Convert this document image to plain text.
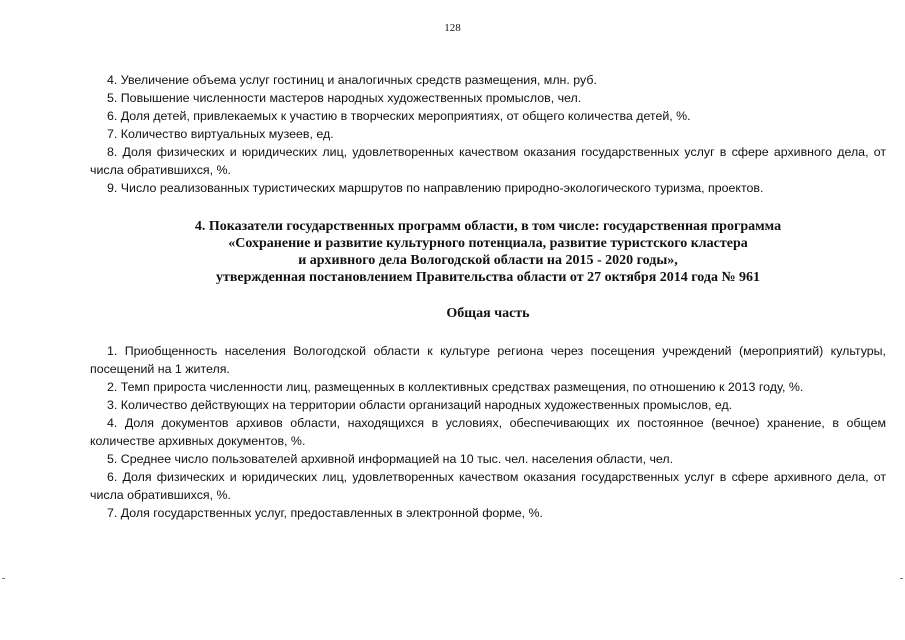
128

4. Увеличение объема услуг гостиниц и аналогичных средств размещения, млн. руб.

5. Повышение численности мастеров народных художественных промыслов, чел.

6. Доля детей, привлекаемых к участию в творческих мероприятиях, от общего количества детей, %.

7. Количество виртуальных музеев, ед.

8. Доля физических и юридических лиц, удовлетворенных качеством оказания государственных услуг в сфере архивного дела, от числа обратившихся, %.

9. Число реализованных туристических маршрутов по направлению природно-экологического туризма, проектов.

4. Показатели государственных программ области, в том числе: государственная программа
«Сохранение и развитие культурного потенциала, развитие туристского кластера
и архивного дела Вологодской области на 2015 - 2020 годы»,
утвержденная постановлением Правительства области от 27 октября 2014 года № 961
Общая часть

1. Приобщенность населения Вологодской области к культуре региона через посещения учреждений (мероприятий) культуры, посещений на 1 жителя.

2. Темп прироста численности лиц, размещенных в коллективных средствах размещения, по отношению к 2013 году, %.

3. Количество действующих на территории области организаций народных художественных промыслов, ед.

4. Доля документов архивов области, находящихся в условиях, обеспечивающих их постоянное (вечное) хранение, в общем количестве архивных документов, %.

5. Среднее число пользователей архивной информацией на 10 тыс. чел. населения области, чел.

6. Доля физических и юридических лиц, удовлетворенных качеством оказания государственных услуг в сфере архивного дела, от числа обратившихся, %.

7. Доля государственных услуг, предоставленных в электронной форме, %.
